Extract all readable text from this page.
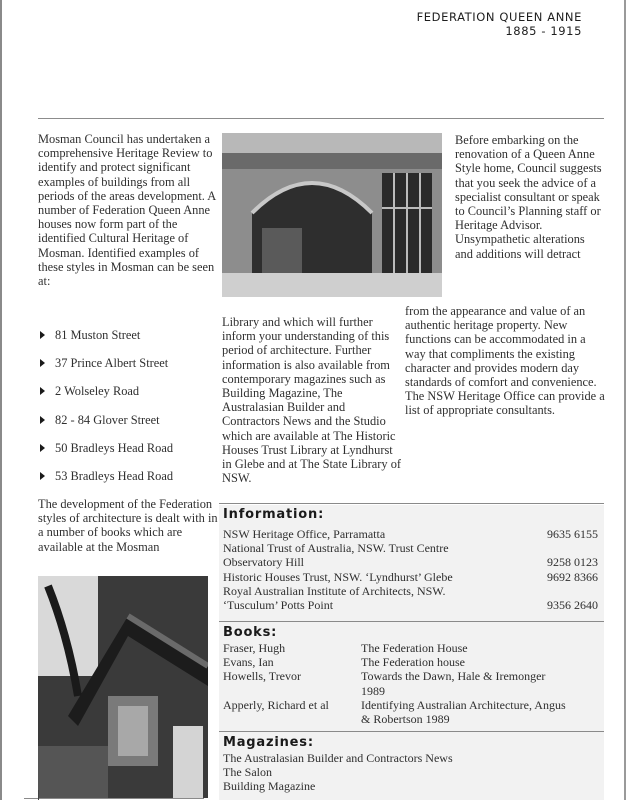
FEDERATION QUEEN ANNE
1885 - 1915

Mosman Council has undertaken a comprehensive Heritage Review to identify and protect significant examples of buildings from all periods of the areas development. A number of Federation Queen Anne houses now form part of the identified Cultural Heritage of Mosman. Identified examples of these styles in Mosman can be seen at:

81 Muston Street
37 Prince Albert Street
2 Wolseley Road
82 - 84 Glover Street
50 Bradleys Head Road
53 Bradleys Head Road

The development of the Federation styles of architecture is dealt with in a number of books which are available at the Mosman

Library and which will further inform your understanding of this period of architecture. Further information is also available from contemporary magazines such as Building Magazine, The Australasian Builder and Contractors News and the Studio which are available at The Historic Houses Trust Library at Lyndhurst in Glebe and at The State Library of NSW.

Before embarking on the renovation of a Queen Anne Style home, Council suggests that you seek the advice of a specialist consultant or speak to Council’s Planning staff or Heritage Advisor. Unsympathetic alterations and additions will detract

from the appearance and value of an authentic heritage property. New functions can be accommodated in a way that compliments the existing character and provides modern day standards of comfort and convenience. The NSW Heritage Office can provide a list of appropriate consultants.

Information:
NSW Heritage Office, Parramatta	9635 6155
National Trust of Australia, NSW. Trust Centre
Observatory Hill	9258 0123
Historic Houses Trust, NSW. ‘Lyndhurst’ Glebe	9692 8366
Royal Australian Institute of Architects, NSW.
‘Tusculum’ Potts Point	9356 2640
Books:
Fraser, Hugh	The Federation House
Evans, Ian	The Federation house
Howells, Trevor	Towards the Dawn, Hale & Iremonger 1989
Apperly, Richard et al	Identifying Australian Architecture, Angus & Robertson 1989
Magazines:
The Australasian Builder and Contractors News
The Salon
Building Magazine
